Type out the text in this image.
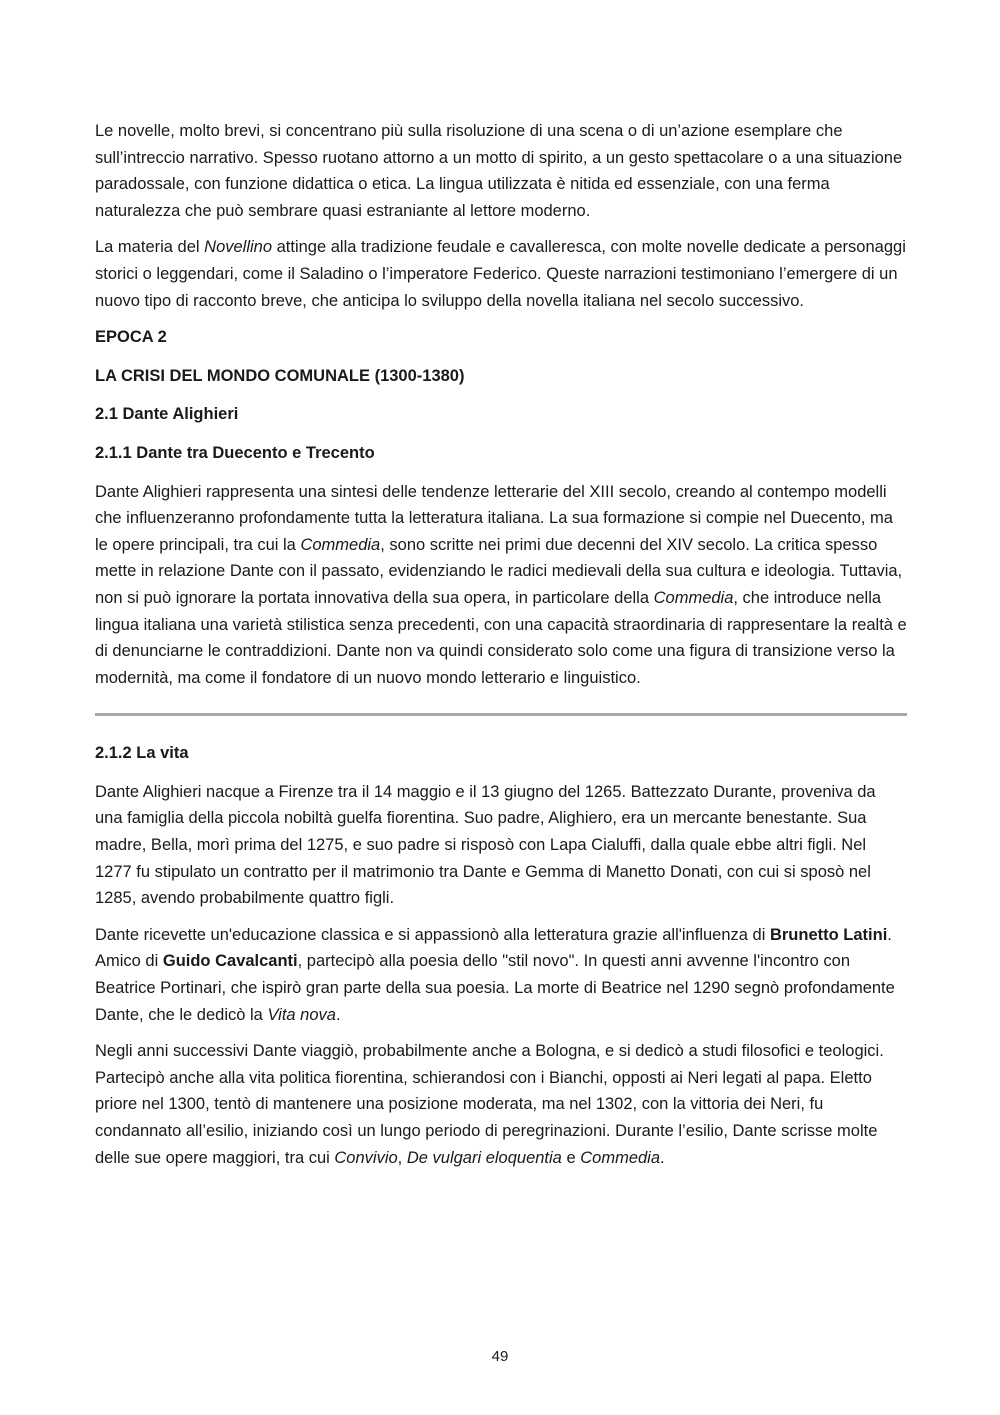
Le novelle, molto brevi, si concentrano più sulla risoluzione di una scena o di un’azione esemplare che sull’intreccio narrativo. Spesso ruotano attorno a un motto di spirito, a un gesto spettacolare o a una situazione paradossale, con funzione didattica o etica. La lingua utilizzata è nitida ed essenziale, con una ferma naturalezza che può sembrare quasi estraniante al lettore moderno.

La materia del Novellino attinge alla tradizione feudale e cavalleresca, con molte novelle dedicate a personaggi storici o leggendari, come il Saladino o l’imperatore Federico. Queste narrazioni testimoniano l’emergere di un nuovo tipo di racconto breve, che anticipa lo sviluppo della novella italiana nel secolo successivo.

EPOCA 2
LA CRISI DEL MONDO COMUNALE (1300-1380)
2.1 Dante Alighieri
2.1.1 Dante tra Duecento e Trecento

Dante Alighieri rappresenta una sintesi delle tendenze letterarie del XIII secolo, creando al contempo modelli che influenzeranno profondamente tutta la letteratura italiana. La sua formazione si compie nel Duecento, ma le opere principali, tra cui la Commedia, sono scritte nei primi due decenni del XIV secolo. La critica spesso mette in relazione Dante con il passato, evidenziando le radici medievali della sua cultura e ideologia. Tuttavia, non si può ignorare la portata innovativa della sua opera, in particolare della Commedia, che introduce nella lingua italiana una varietà stilistica senza precedenti, con una capacità straordinaria di rappresentare la realtà e di denunciarne le contraddizioni. Dante non va quindi considerato solo come una figura di transizione verso la modernità, ma come il fondatore di un nuovo mondo letterario e linguistico.

2.1.2 La vita

Dante Alighieri nacque a Firenze tra il 14 maggio e il 13 giugno del 1265. Battezzato Durante, proveniva da una famiglia della piccola nobiltà guelfa fiorentina. Suo padre, Alighiero, era un mercante benestante. Sua madre, Bella, morì prima del 1275, e suo padre si risposò con Lapa Cialuffi, dalla quale ebbe altri figli. Nel 1277 fu stipulato un contratto per il matrimonio tra Dante e Gemma di Manetto Donati, con cui si sposò nel 1285, avendo probabilmente quattro figli.

Dante ricevette un'educazione classica e si appassionò alla letteratura grazie all'influenza di Brunetto Latini. Amico di Guido Cavalcanti, partecipò alla poesia dello "stil novo". In questi anni avvenne l'incontro con Beatrice Portinari, che ispirò gran parte della sua poesia. La morte di Beatrice nel 1290 segnò profondamente Dante, che le dedicò la Vita nova.

Negli anni successivi Dante viaggiò, probabilmente anche a Bologna, e si dedicò a studi filosofici e teologici. Partecipò anche alla vita politica fiorentina, schierandosi con i Bianchi, opposti ai Neri legati al papa. Eletto priore nel 1300, tentò di mantenere una posizione moderata, ma nel 1302, con la vittoria dei Neri, fu condannato all’esilio, iniziando così un lungo periodo di peregrinazioni. Durante l’esilio, Dante scrisse molte delle sue opere maggiori, tra cui Convivio, De vulgari eloquentia e Commedia.

49
